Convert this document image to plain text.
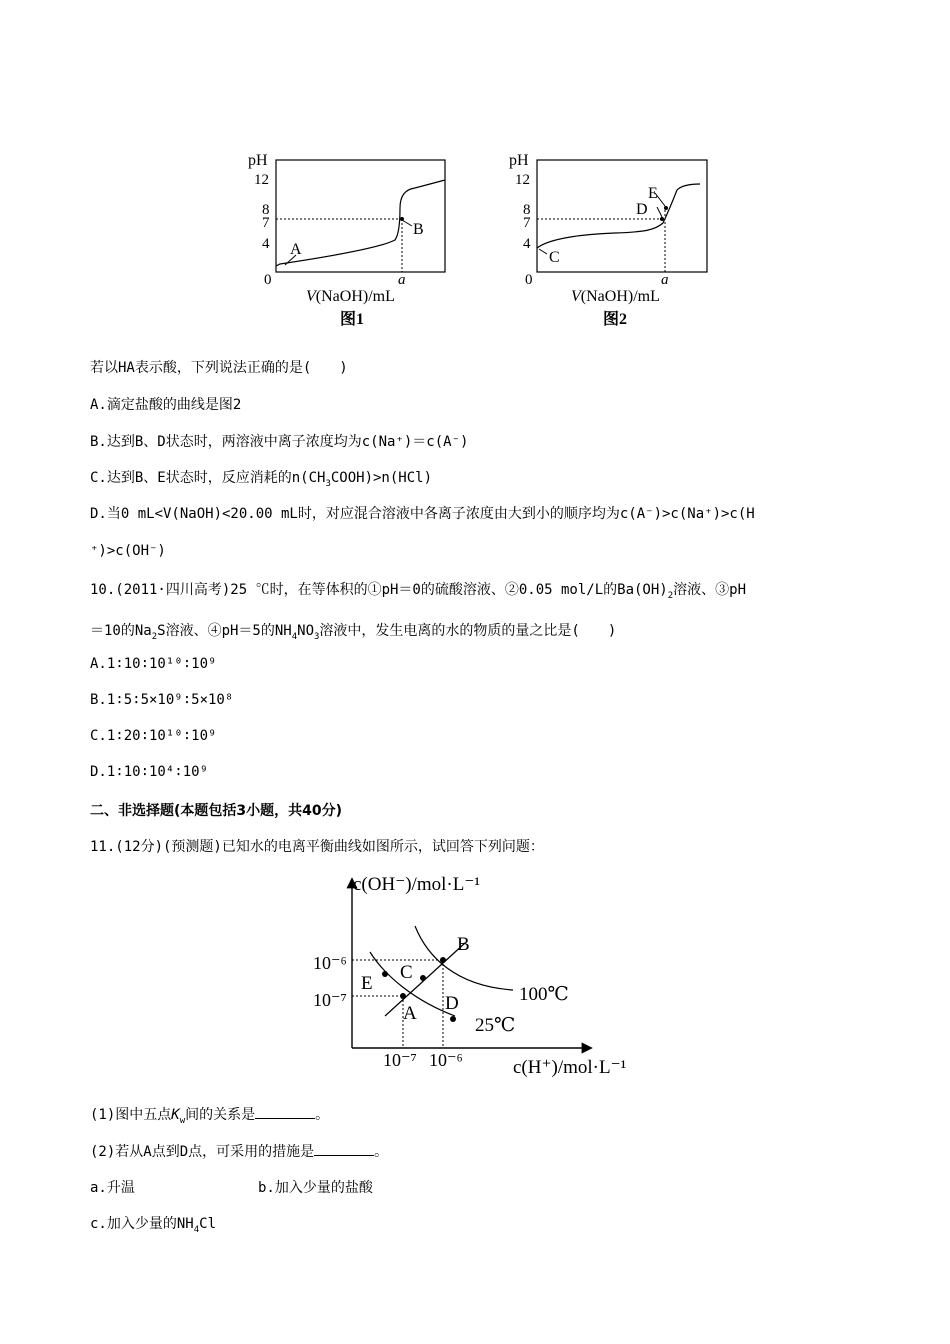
pH
12
8
7
4
0	a
A
B
V(NaOH)/mL
图1
pH
12
8
7
4
0	a
C
D
E
V(NaOH)/mL
图2
若以HA表示酸，下列说法正确的是(　　)
A.滴定盐酸的曲线是图2
B.达到B、D状态时，两溶液中离子浓度均为c(Na⁺)＝c(A⁻)
C.达到B、E状态时，反应消耗的$n(CH_3COOH)>n(HCl)$
D.当0 mL<V(NaOH)<20.00 mL时，对应混合溶液中各离子浓度由大到小的顺序均为c(A⁻)>c(Na⁺)>c(H
⁺)>c(OH⁻)
10.(2011·四川高考)25 ℃时，在等体积的①pH＝0的硫酸溶液、②0.05 mol/L的$Ba(OH)_2$溶液、③pH
＝10的$Na_2S$溶液、④pH＝5的$NH_4NO_3$溶液中，发生电离的水的物质的量之比是(　　)
A.1∶10∶10¹⁰∶10⁹
B.1∶5∶5×10⁹∶5×10⁸
C.1∶20∶10¹⁰∶10⁹
D.1∶10∶10⁴∶10⁹
二、非选择题(本题包括3小题，共40分)
11.(12分)(预测题)已知水的电离平衡曲线如图所示，试回答下列问题：
c(OH⁻)/mol·L⁻¹
10⁻⁶
10⁻⁷
10⁻⁷ 10⁻⁶	c(H⁺)/mol·L⁻¹
B
C
E
A D	100℃
25℃
(1)图中五点$K_w$间的关系是	。
(2)若从A点到D点，可采用的措施是	。
a.升温	b.加入少量的盐酸
c.加入少量的$NH_4Cl$
